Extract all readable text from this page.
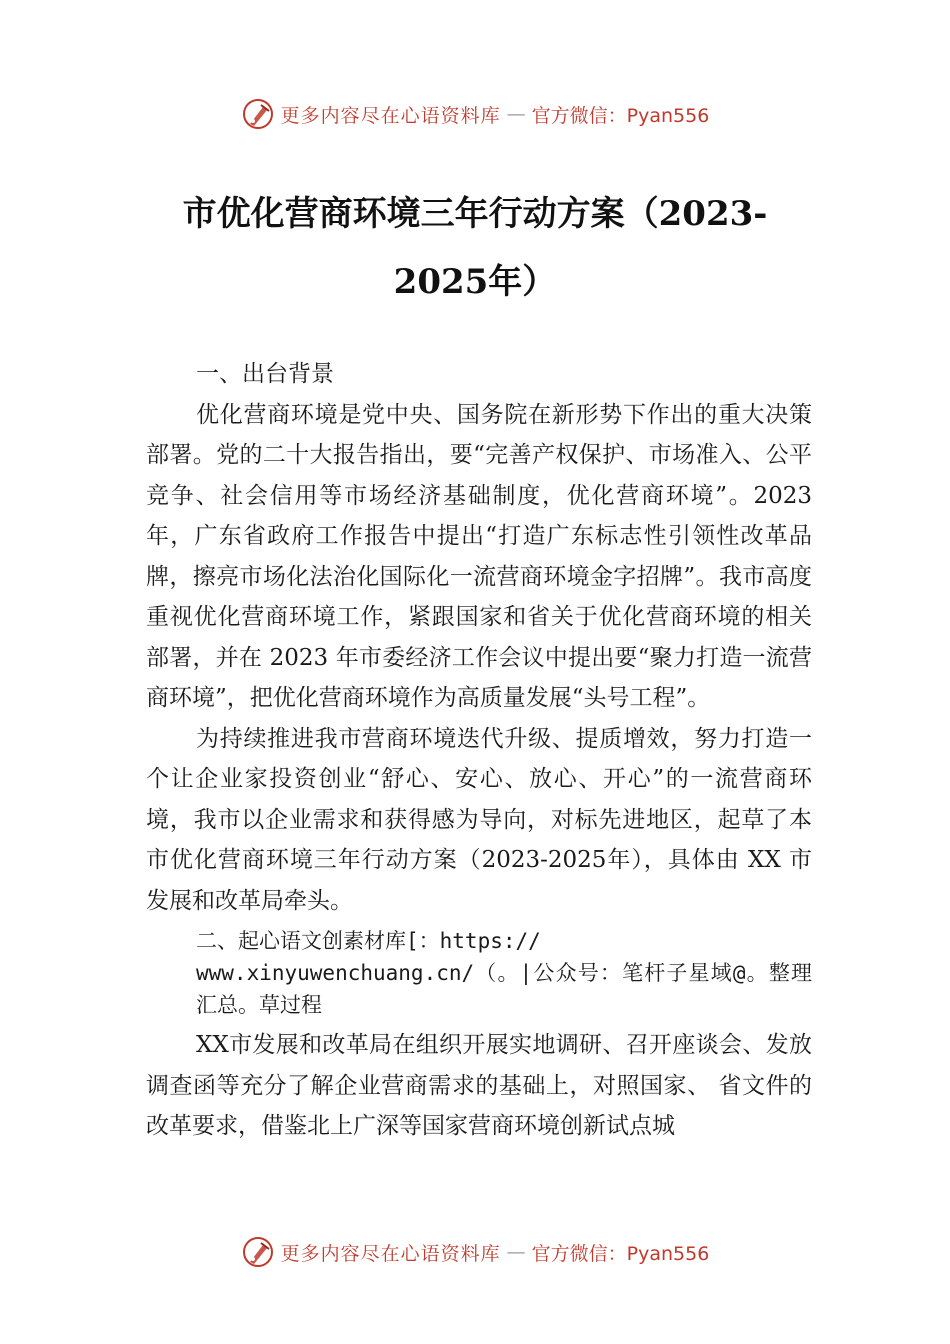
更多内容尽在心语资料库 — 官方微信：Pyan556
市优化营商环境三年行动方案（2023-2025年）

一、出台背景

优化营商环境是党中央、国务院在新形势下作出的重大决策部署。党的二十大报告指出，要“完善产权保护、市场准入、公平竞争、社会信用等市场经济基础制度，优化营商环境”。2023年，广东省政府工作报告中提出“打造广东标志性引领性改革品牌，擦亮市场化法治化国际化一流营商环境金字招牌”。我市高度重视优化营商环境工作，紧跟国家和省关于优化营商环境的相关部署，并在 2023 年市委经济工作会议中提出要“聚力打造一流营商环境”，把优化营商环境作为高质量发展“头号工程”。

为持续推进我市营商环境迭代升级、提质增效，努力打造一个让企业家投资创业“舒心、安心、放心、开心”的一流营商环境，我市以企业需求和获得感为导向，对标先进地区，起草了本市优化营商环境三年行动方案（2023-2025年），具体由 XX 市发展和改革局牵头。

二、起心语文创素材库[：https://
www.xinyuwenchuang.cn/（。|公众号：笔杆子星域@。整理汇总。草过程

XX市发展和改革局在组织开展实地调研、召开座谈会、发放调查函等充分了解企业营商需求的基础上，对照国家、 省文件的改革要求，借鉴北上广深等国家营商环境创新试点城

更多内容尽在心语资料库 — 官方微信：Pyan556
